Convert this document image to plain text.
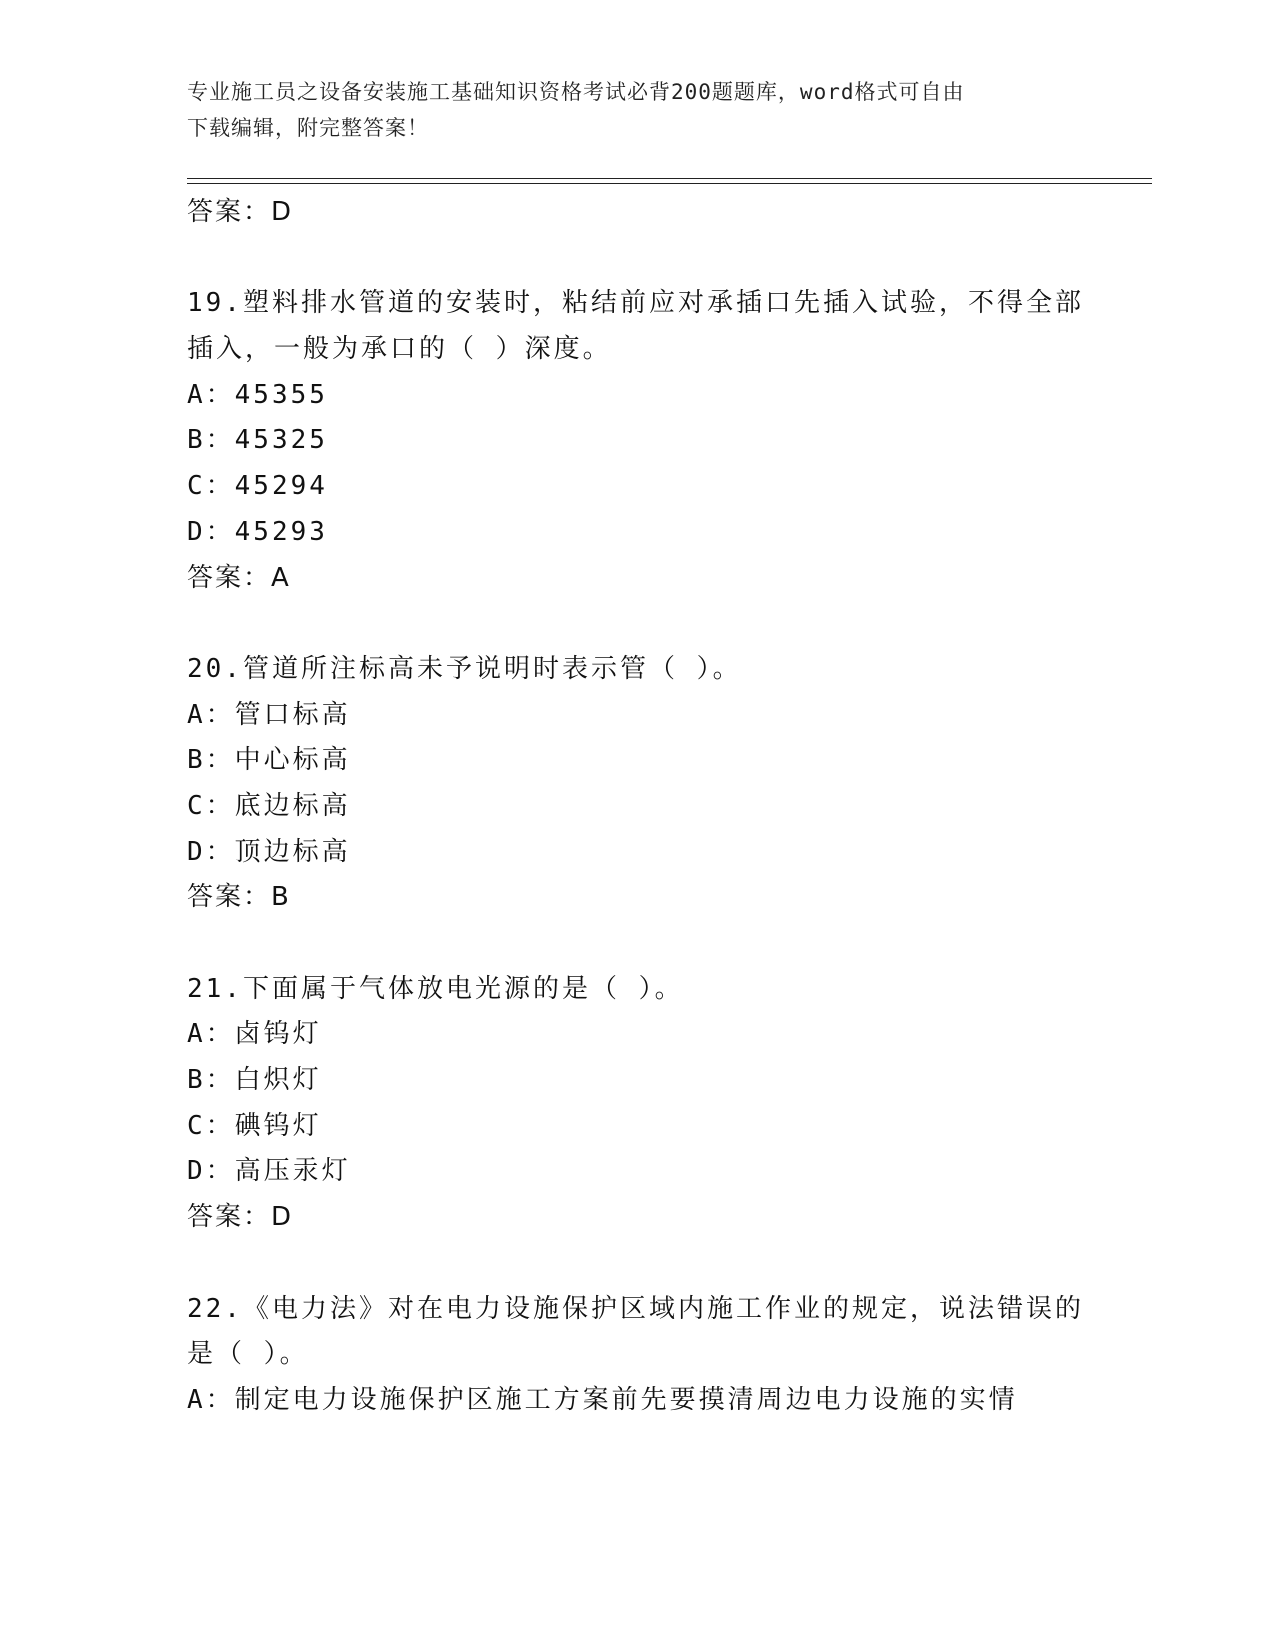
专业施工员之设备安装施工基础知识资格考试必背200题题库，word格式可自由
下载编辑，附完整答案！
答案：D
19.塑料排水管道的安装时，粘结前应对承插口先插入试验，不得全部
插入，一般为承口的（ ）深度。
A：45355
B：45325
C：45294
D：45293
答案：A
20.管道所注标高未予说明时表示管（ ）。
A：管口标高
B：中心标高
C：底边标高
D：顶边标高
答案：B
21.下面属于气体放电光源的是（ ）。
A：卤钨灯
B：白炽灯
C：碘钨灯
D：高压汞灯
答案：D
22.《电力法》对在电力设施保护区域内施工作业的规定，说法错误的
是（ ）。
A：制定电力设施保护区施工方案前先要摸清周边电力设施的实情
